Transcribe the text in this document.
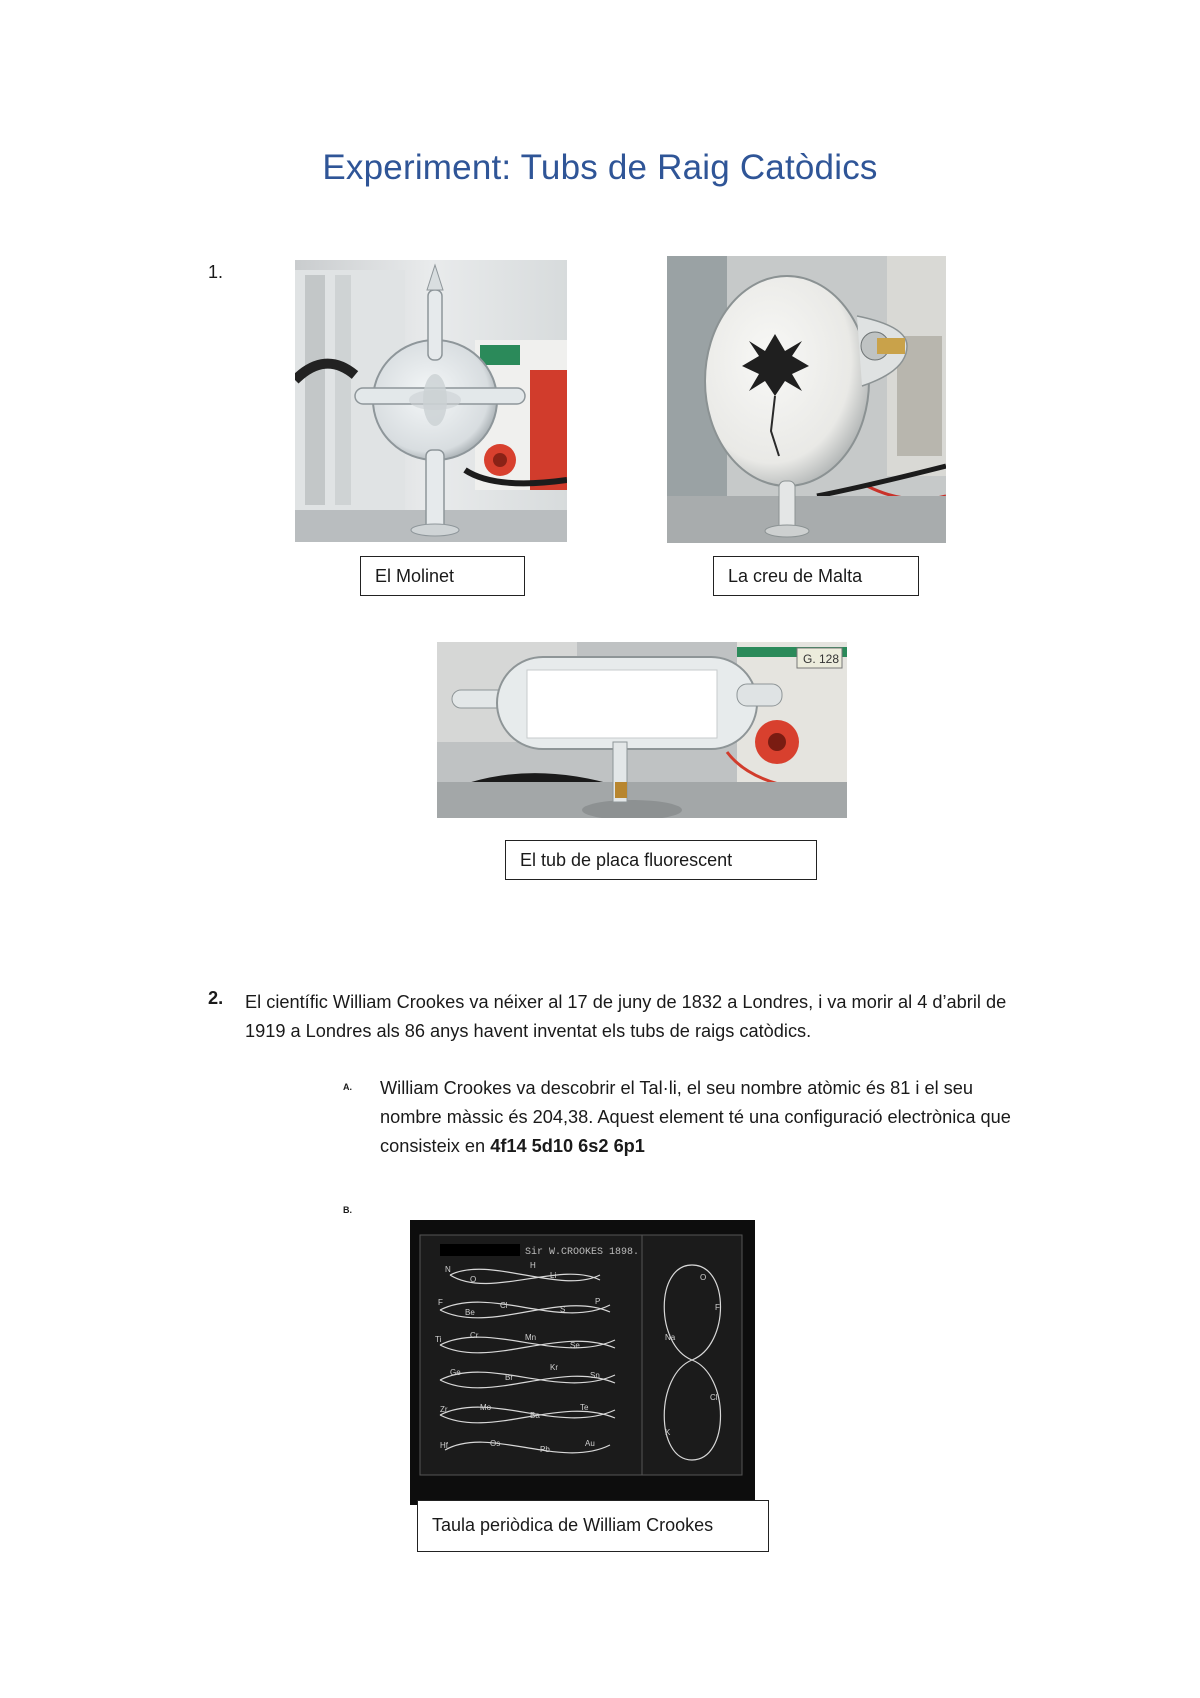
Experiment: Tubs de Raig Catòdics
1.
El Molinet	La creu de Malta
G. 128
El tub de placa fluorescent
2. El científic William Crookes va néixer al 17 de juny de 1832 a Londres, i va morir al 4 d’abril de 1919 a Londres als 86 anys havent inventat els tubs de raigs catòdics.
A. William Crookes va descobrir el Tal·li, el seu nombre atòmic és 81 i el seu nombre màssic és 204,38. Aquest element té una configuració electrònica que consisteix en 4f14 5d10 6s2 6p1
B.
Sir W.CROOKES 1898.
N
O
H
Li
F
Be
Cl	S
P
Ti	Cr	Mn
Se
Ge
Br
Kr
Sn
Zr	Mo
Ba
Te
Hf	Os
Pb
Au
O
F
Na
Cl
K
Taula periòdica de William Crookes
